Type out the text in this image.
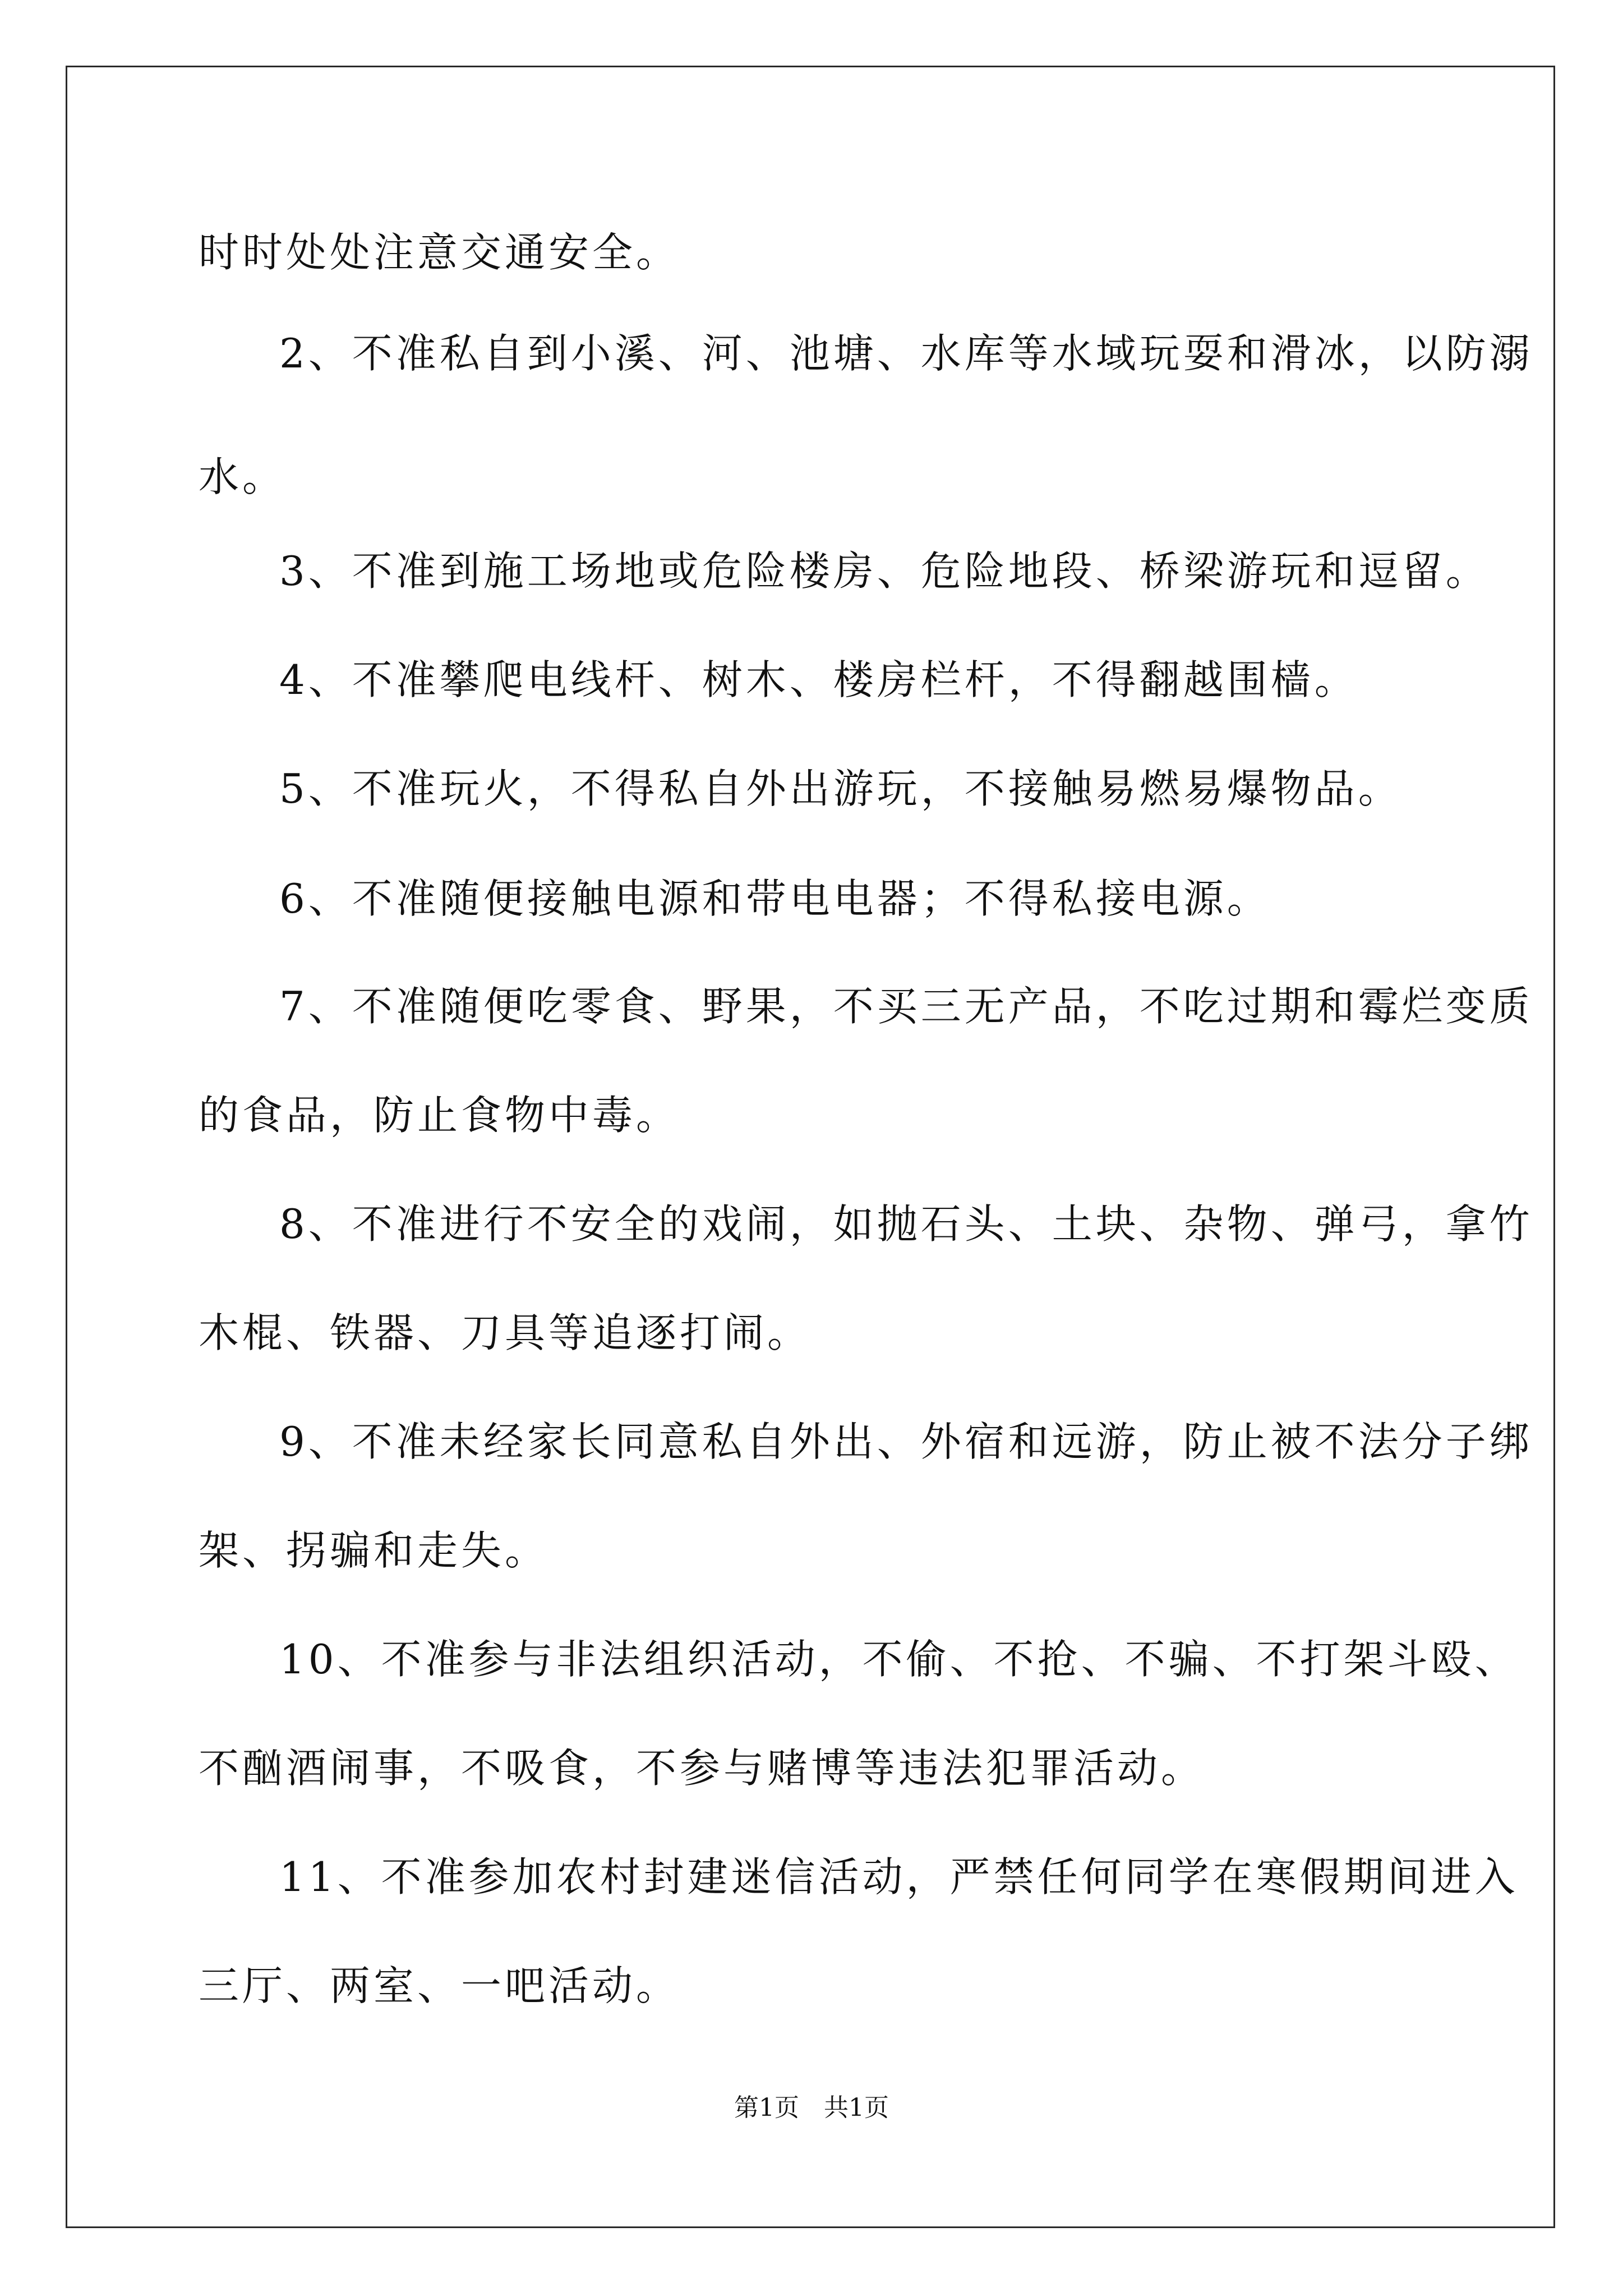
时时处处注意交通安全。
2、不准私自到小溪、河、池塘、水库等水域玩耍和滑冰，以防溺
水。
3、不准到施工场地或危险楼房、危险地段、桥梁游玩和逗留。
4、不准攀爬电线杆、树木、楼房栏杆，不得翻越围樯。
5、不准玩火，不得私自外出游玩，不接触易燃易爆物品。
6、不准随便接触电源和带电电器；不得私接电源。
7、不准随便吃零食、野果，不买三无产品，不吃过期和霉烂变质
的食品，防止食物中毒。
8、不准进行不安全的戏闹，如抛石头、土块、杂物、弹弓，拿竹
木棍、铁器、刀具等追逐打闹。
9、不准未经家长同意私自外出、外宿和远游，防止被不法分子绑
架、拐骗和走失。
10、不准参与非法组织活动，不偷、不抢、不骗、不打架斗殴、
不酗酒闹事，不吸食，不参与赌博等违法犯罪活动。
11、不准参加农村封建迷信活动，严禁任何同学在寒假期间进入
三厅、两室、一吧活动。
第1页　共1页
